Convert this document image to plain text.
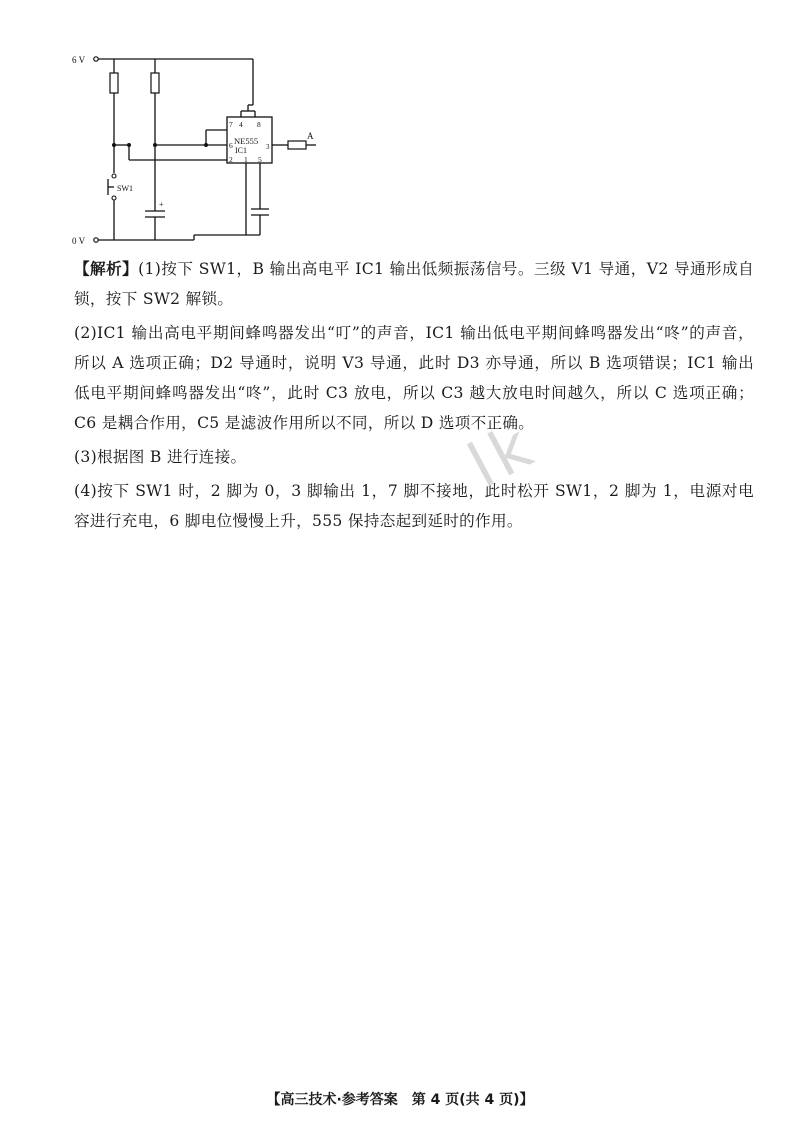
6 V
0 V
SW1
+
7 4 8
NE555
3
6
IC1
2 1 5
A

【解析】(1)按下 SW1，B 输出高电平 IC1 输出低频振荡信号。三级 V1 导通，V2 导通形成自锁，按下 SW2 解锁。

(2)IC1 输出高电平期间蜂鸣器发出“叮”的声音，IC1 输出低电平期间蜂鸣器发出“咚”的声音，所以 A 选项正确；D2 导通时，说明 V3 导通，此时 D3 亦导通，所以 B 选项错误；IC1 输出低电平期间蜂鸣器发出“咚”，此时 C3 放电，所以 C3 越大放电时间越久，所以 C 选项正确；C6 是耦合作用，C5 是滤波作用所以不同，所以 D 选项不正确。

(3)根据图 B 进行连接。

(4)按下 SW1 时，2 脚为 0，3 脚输出 1，7 脚不接地，此时松开 SW1，2 脚为 1，电源对电容进行充电，6 脚电位慢慢上升，555 保持态起到延时的作用。

lk
【高三技术·参考答案　第 4 页(共 4 页)】
